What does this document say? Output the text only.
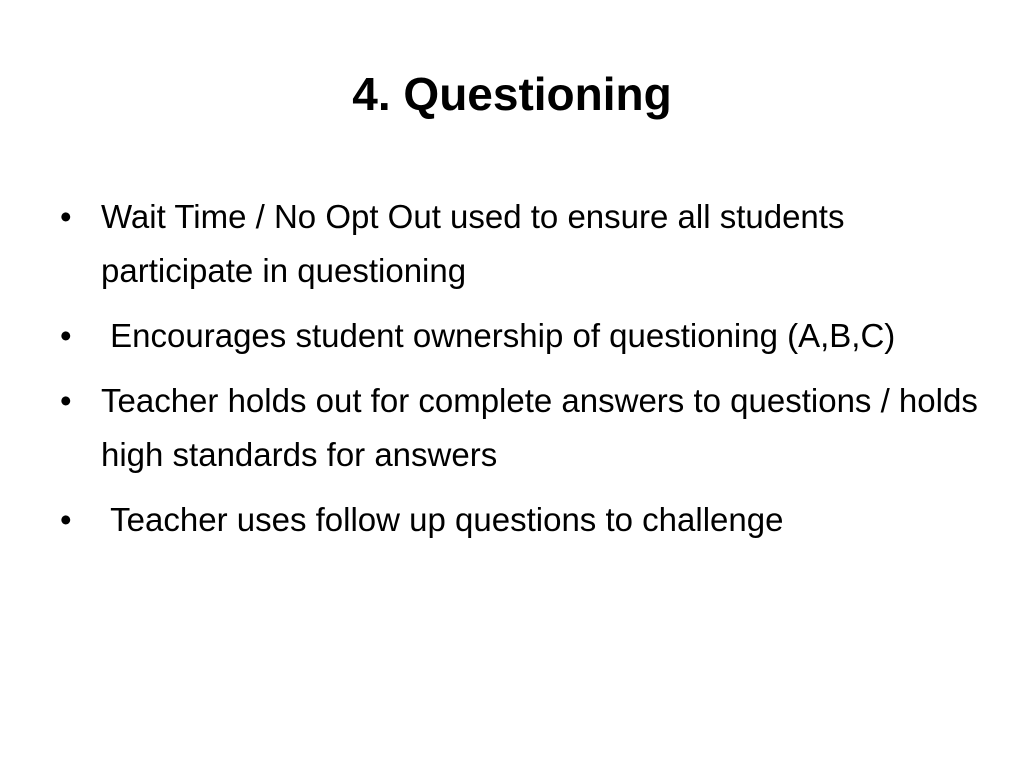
4. Questioning
• Wait Time / No Opt Out used to ensure all students participate in questioning
• Encourages student ownership of questioning (A,B,C)
• Teacher holds out for complete answers to questions / holds high standards for answers
• Teacher uses follow up questions to challenge
